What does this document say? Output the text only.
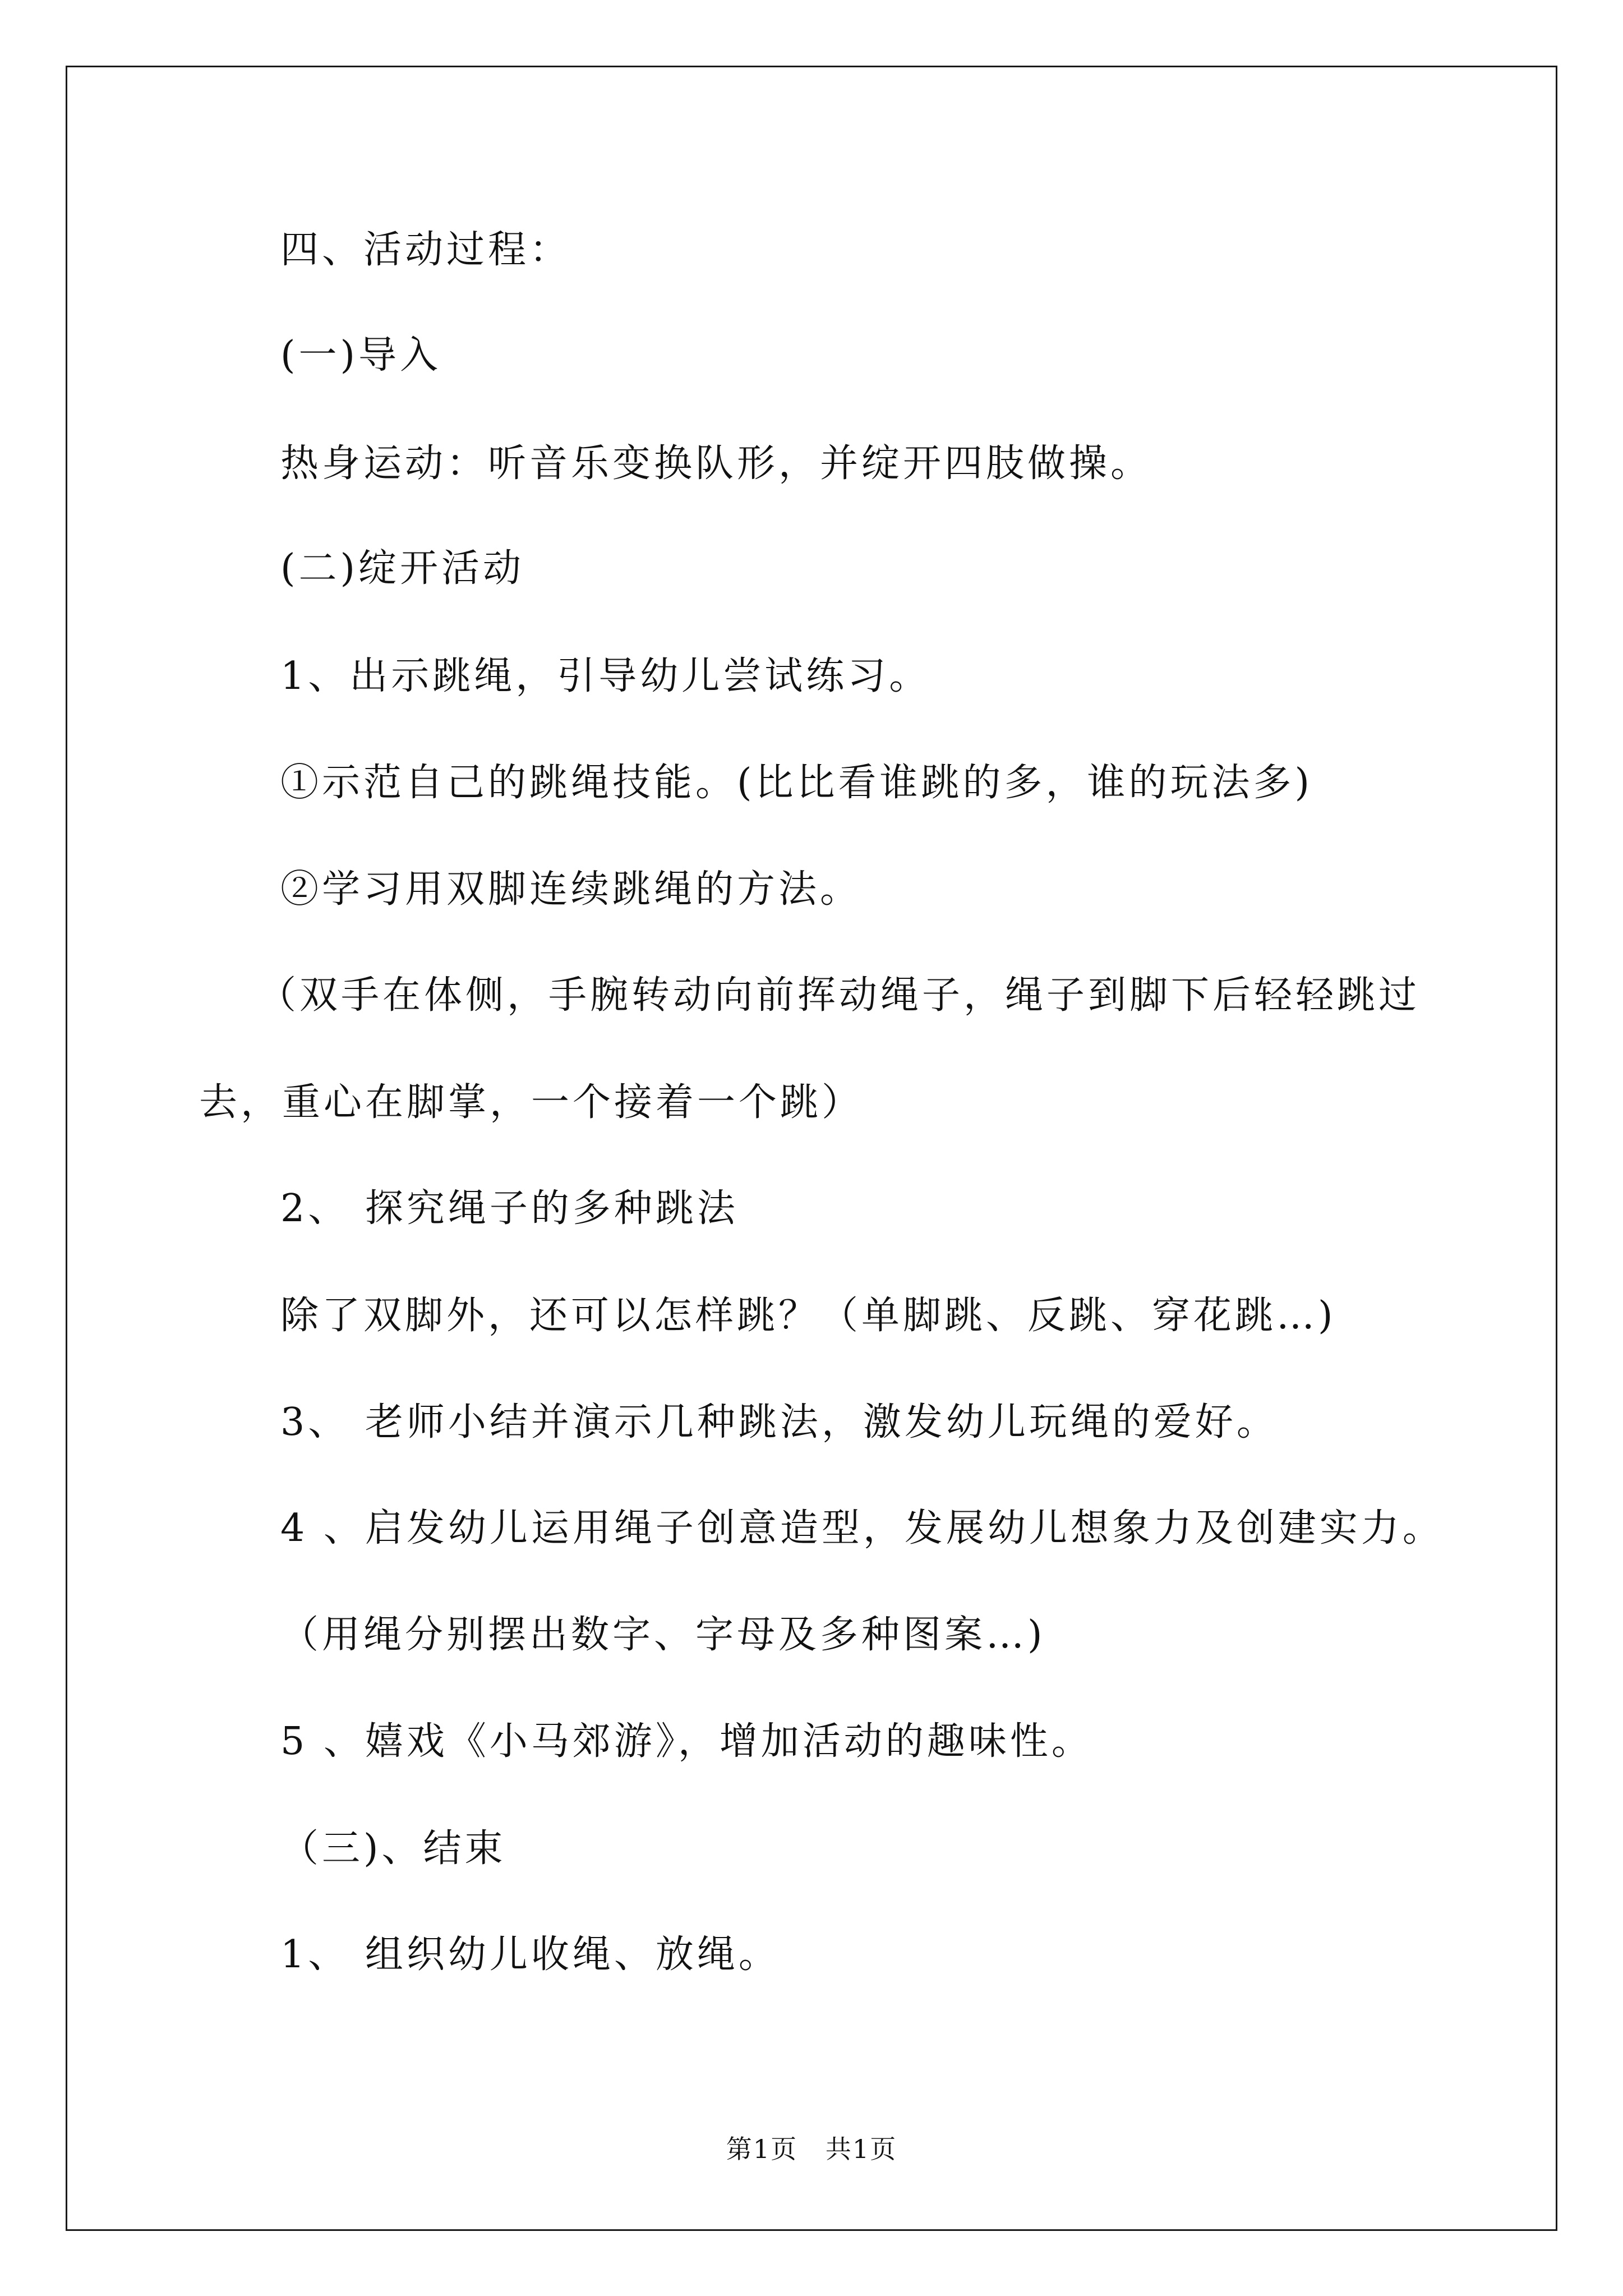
四、活动过程：
(一)导入
热身运动：听音乐变换队形，并绽开四肢做操。
(二)绽开活动
1、出示跳绳，引导幼儿尝试练习。
①示范自己的跳绳技能。(比比看谁跳的多，谁的玩法多)
②学习用双脚连续跳绳的方法。
（双手在体侧，手腕转动向前挥动绳子，绳子到脚下后轻轻跳过
去，重心在脚掌，一个接着一个跳）
2、 探究绳子的多种跳法
除了双脚外，还可以怎样跳？（单脚跳、反跳、穿花跳…)
3、 老师小结并演示几种跳法，激发幼儿玩绳的爱好。
4 、启发幼儿运用绳子创意造型，发展幼儿想象力及创建实力。
（用绳分别摆出数字、字母及多种图案…)
5 、嬉戏《小马郊游》，增加活动的趣味性。
（三)、结束
1、 组织幼儿收绳、放绳。
第1页   共1页
